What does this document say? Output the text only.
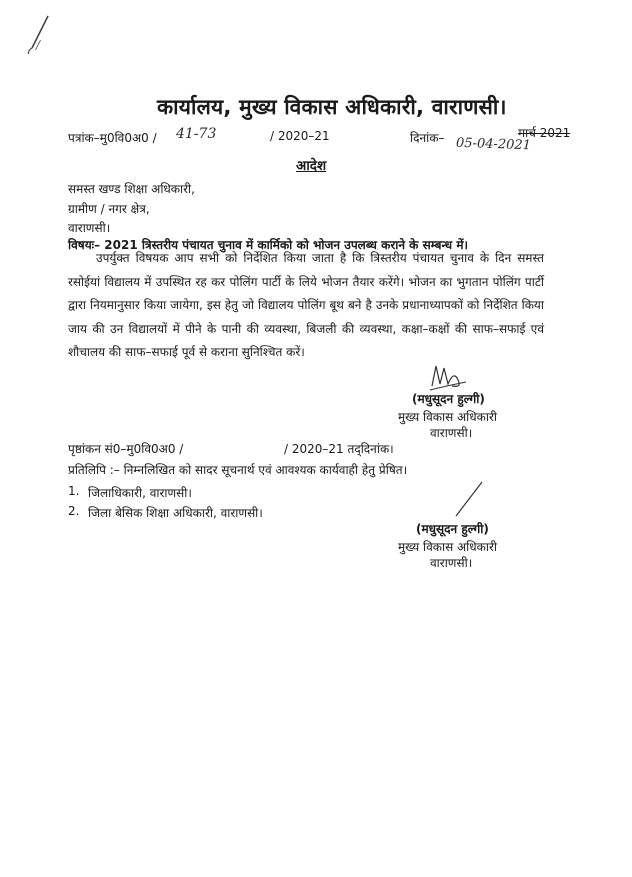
कार्यालय, मुख्य विकास अधिकारी, वाराणसी।
पत्रांक–मु0वि0अ0 / 41-73	/ 2020–21	दिनांक–	मार्च 2021
05-04-2021
आदेश
समस्त खण्ड शिक्षा अधिकारी,
ग्रामीण / नगर क्षेत्र,
वाराणसी।
विषयः– 2021 त्रिस्तरीय पंचायत चुनाव में कार्मिको को भोजन उपलब्ध कराने के सम्बन्ध में।
उपर्युक्त विषयक आप सभी को निर्देशित किया जाता है कि त्रिस्तरीय पंचायत चुनाव के दिन समस्त रसोईयां विद्यालय में उपस्थित रह कर पोलिंग पार्टी के लिये भोजन तैयार करेंगे। भोजन का भुगतान पोलिंग पार्टी द्वारा नियमानुसार किया जायेगा, इस हेतु जो विद्यालय पोलिंग बूथ बने है उनके प्रधानाध्यापकों को निर्देशित किया जाय की उन विद्यालयों में पीने के पानी की व्यवस्था, बिजली की व्यवस्था, कक्षा–कक्षों की साफ–सफाई एवं शौचालय की साफ–सफाई पूर्व से कराना सुनिश्चित करें।
(मधुसूदन हुल्गी)
मुख्य विकास अधिकारी
वाराणसी।
पृष्ठांकन सं0–मु0वि0अ0 /	/ 2020–21 तद्‌दिनांक।
प्रतिलिपि :– निम्नलिखित को सादर सूचनार्थ एवं आवश्यक कार्यवाही हेतु प्रेषित।
1. जिलाधिकारी, वाराणसी।
2. जिला बेसिक शिक्षा अधिकारी, वाराणसी।
(मधुसूदन हुल्गी)
मुख्य विकास अधिकारी
वाराणसी।
/
